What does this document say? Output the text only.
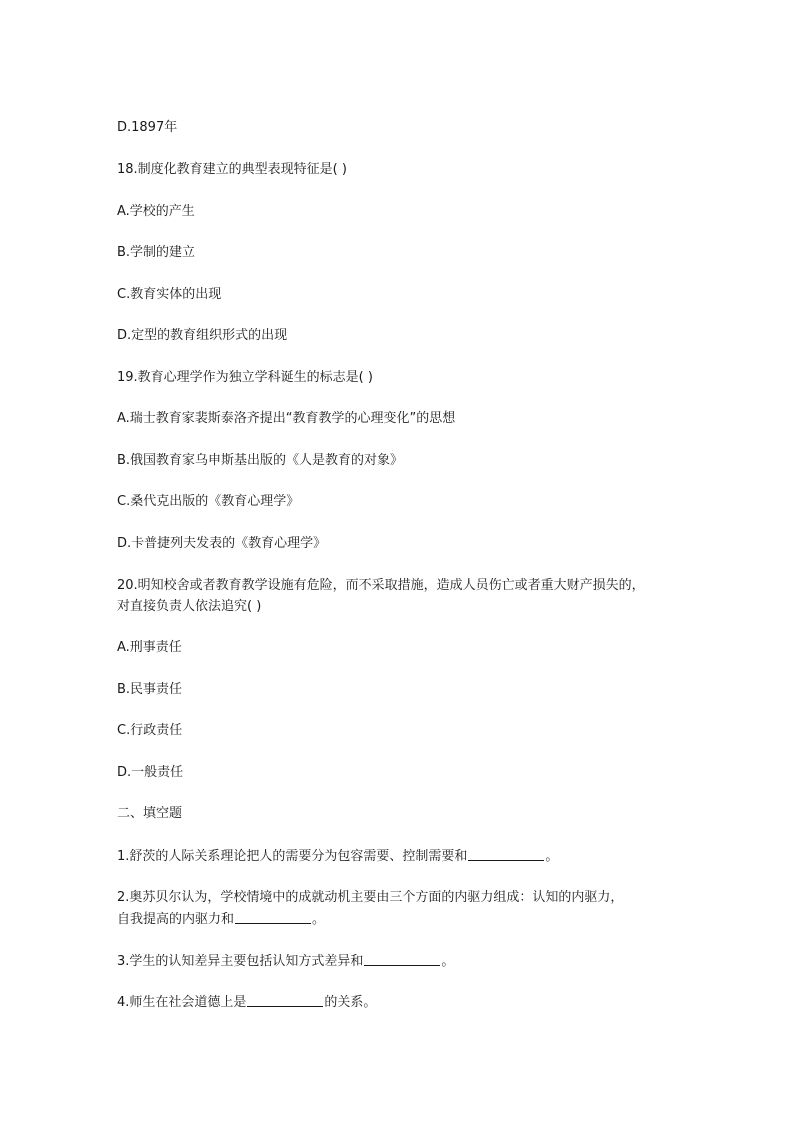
D.1897年
18.制度化教育建立的典型表现特征是( )
A.学校的产生
B.学制的建立
C.教育实体的出现
D.定型的教育组织形式的出现
19.教育心理学作为独立学科诞生的标志是( )
A.瑞士教育家裴斯泰洛齐提出“教育教学的心理变化”的思想
B.俄国教育家乌申斯基出版的《人是教育的对象》
C.桑代克出版的《教育心理学》
D.卡普捷列夫发表的《教育心理学》
20.明知校舍或者教育教学设施有危险，而不采取措施，造成人员伤亡或者重大财产损失的，
对直接负责人依法追究( )
A.刑事责任
B.民事责任
C.行政责任
D.一般责任
二、填空题
1.舒茨的人际关系理论把人的需要分为包容需要、控制需要和	。
2.奥苏贝尔认为，学校情境中的成就动机主要由三个方面的内驱力组成：认知的内驱力，
自我提高的内驱力和	。
3.学生的认知差异主要包括认知方式差异和	。
4.师生在社会道德上是	的关系。
